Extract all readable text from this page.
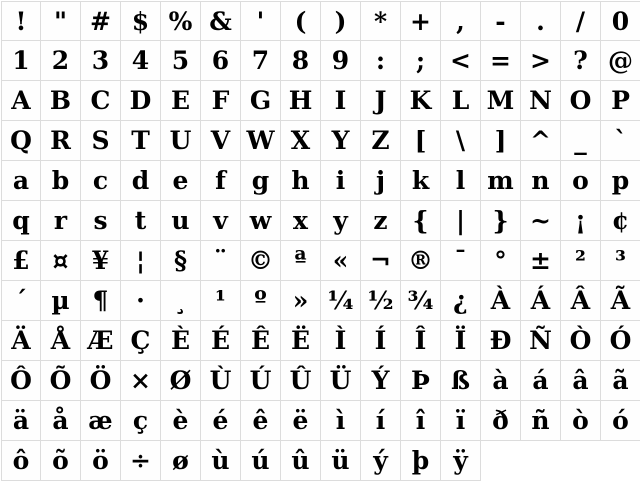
!	" # $ % & '	(	)	* +	,	-	.	/	0
1 2 3 4 5 6 7 8 9	:	; < = > ? @
A B C D E F G H I	J K L M N O P
Q R S T U V W X Y Z [	\	] ^ _	`
a b c d e	f	g h	i	j	k	l m n o p
q r	s	t	u v w x	y	z {	|	} ~ ¡	¢
£ ¤ ¥	¦	§	¨ © ª	« ¬ ® ¯	° ± ²	³
´ µ ¶	·	¸	¹	º	» ¼ ½ ¾ ¿ À Á Â Ã
Ä Å Æ Ç È É Ê Ë Ì	Í	Î	Ï Ð Ñ Ò Ó
Ô Õ Ö × Ø Ù Ú Û Ü Ý Þ ß à á â ã
ä å æ ç è é ê ë	ì	í	î	ï	ð ñ ò ó
ô õ ö ÷ ø ù ú û ü ý þ ÿ
